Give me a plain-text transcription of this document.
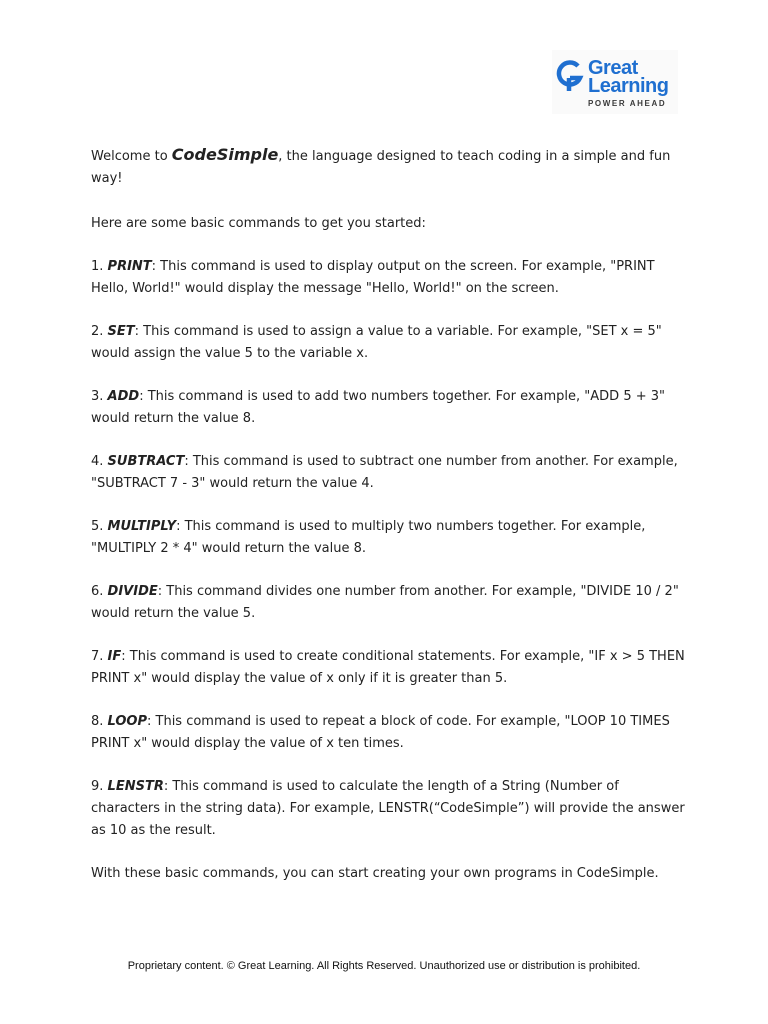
Great
Learning
POWER AHEAD

Welcome to CodeSimple, the language designed to teach coding in a simple and fun way!

Here are some basic commands to get you started:

1. PRINT: This command is used to display output on the screen. For example, "PRINT Hello, World!" would display the message "Hello, World!" on the screen.

2. SET: This command is used to assign a value to a variable. For example, "SET x = 5" would assign the value 5 to the variable x.

3. ADD: This command is used to add two numbers together. For example, "ADD 5 + 3" would return the value 8.

4. SUBTRACT: This command is used to subtract one number from another. For example, "SUBTRACT 7 - 3" would return the value 4.

5. MULTIPLY: This command is used to multiply two numbers together. For example, "MULTIPLY 2 * 4" would return the value 8.

6. DIVIDE: This command divides one number from another. For example, "DIVIDE 10 / 2" would return the value 5.

7. IF: This command is used to create conditional statements. For example, "IF x > 5 THEN PRINT x" would display the value of x only if it is greater than 5.

8. LOOP: This command is used to repeat a block of code. For example, "LOOP 10 TIMES PRINT x" would display the value of x ten times.

9. LENSTR: This command is used to calculate the length of a String (Number of characters in the string data). For example, LENSTR(“CodeSimple”) will provide the answer as 10 as the result.

With these basic commands, you can start creating your own programs in CodeSimple.

Proprietary content. © Great Learning. All Rights Reserved. Unauthorized use or distribution is prohibited.
